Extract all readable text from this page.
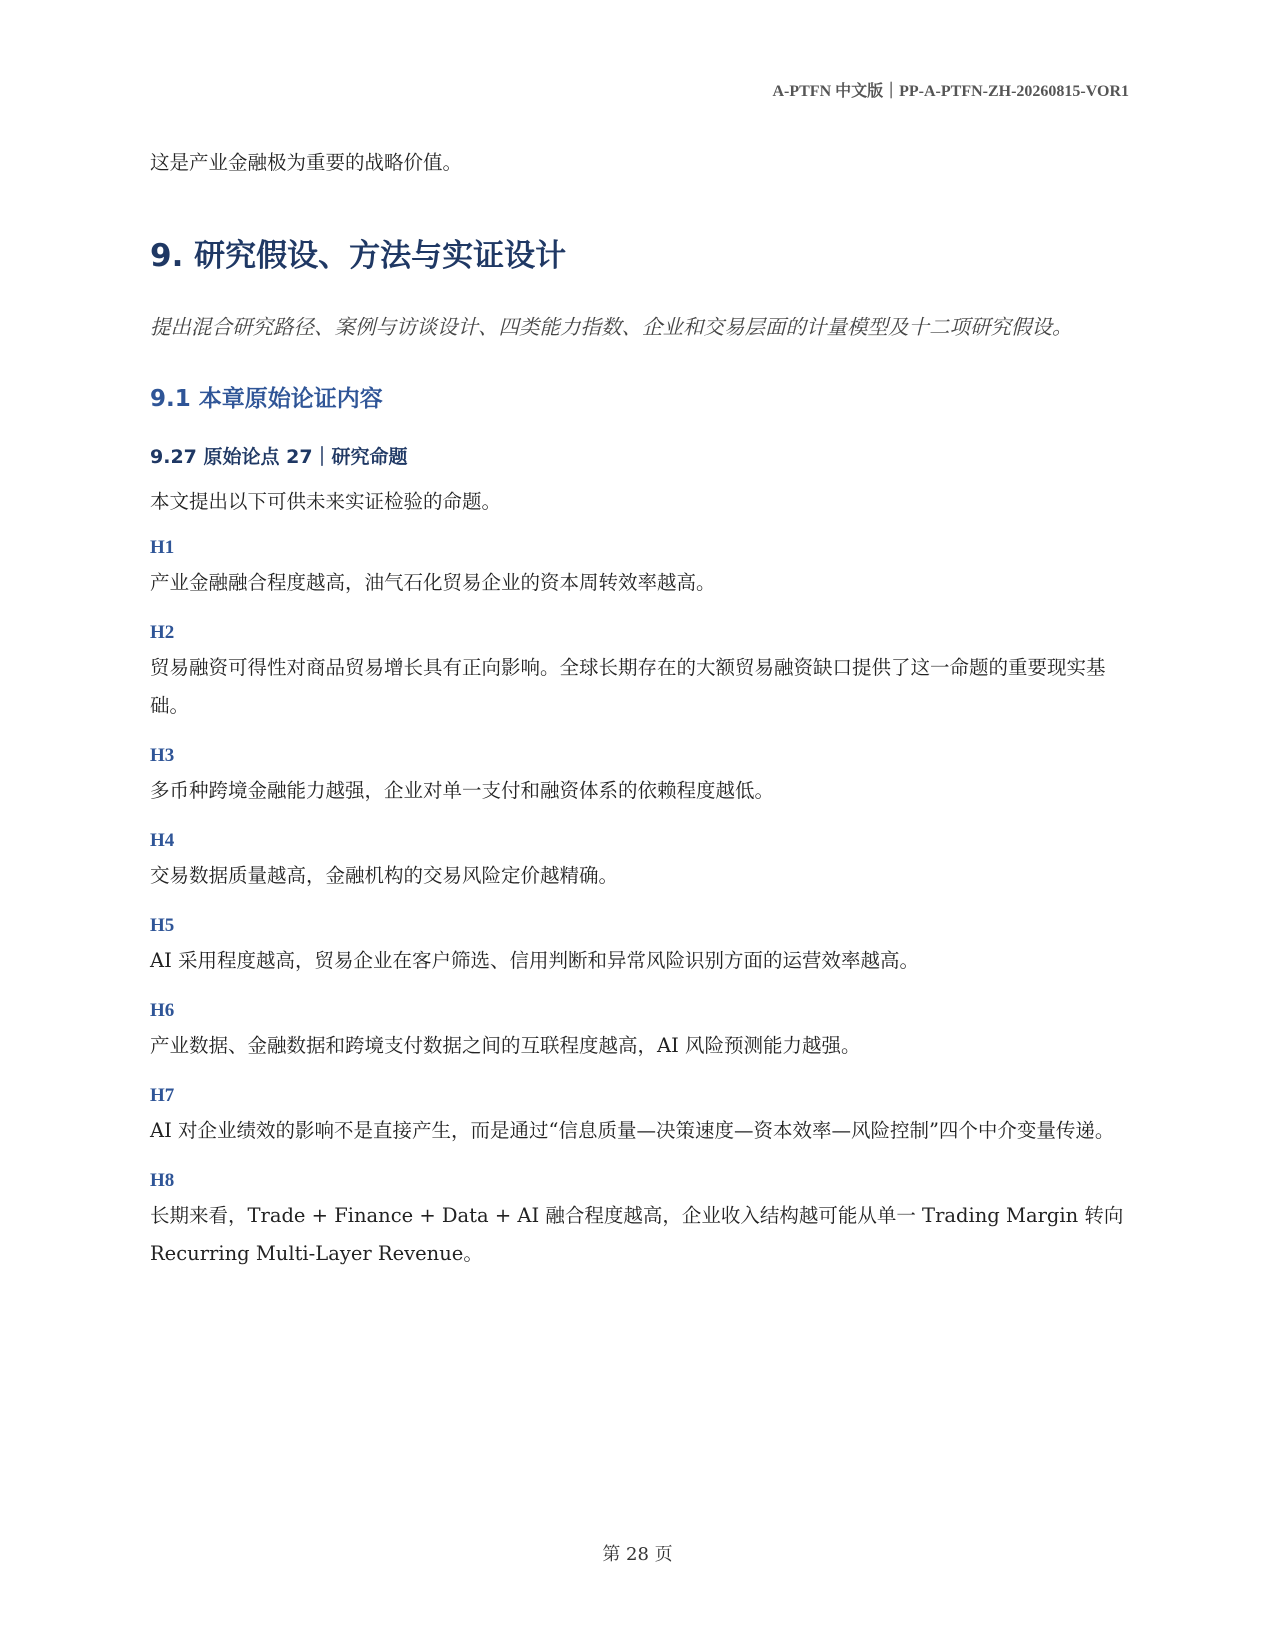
A-PTFN 中文版｜PP-A-PTFN-ZH-20260815-VOR1

这是产业金融极为重要的战略价值。

9. 研究假设、方法与实证设计

提出混合研究路径、案例与访谈设计、四类能力指数、企业和交易层面的计量模型及十二项研究假设。

9.1 本章原始论证内容
9.27 原始论点 27｜研究命题

本文提出以下可供未来实证检验的命题。

H1
产业金融融合程度越高，油气石化贸易企业的资本周转效率越高。
H2
贸易融资可得性对商品贸易增长具有正向影响。全球长期存在的大额贸易融资缺口提供了这一命题的重要现实基础。
H3
多币种跨境金融能力越强，企业对单一支付和融资体系的依赖程度越低。
H4
交易数据质量越高，金融机构的交易风险定价越精确。
H5
AI 采用程度越高，贸易企业在客户筛选、信用判断和异常风险识别方面的运营效率越高。
H6
产业数据、金融数据和跨境支付数据之间的互联程度越高，AI 风险预测能力越强。
H7
AI 对企业绩效的影响不是直接产生，而是通过“信息质量—决策速度—资本效率—风险控制”四个中介变量传递。
H8
长期来看，Trade + Finance + Data + AI 融合程度越高，企业收入结构越可能从单一 Trading Margin 转向 Recurring Multi-Layer Revenue。
第 28 页
